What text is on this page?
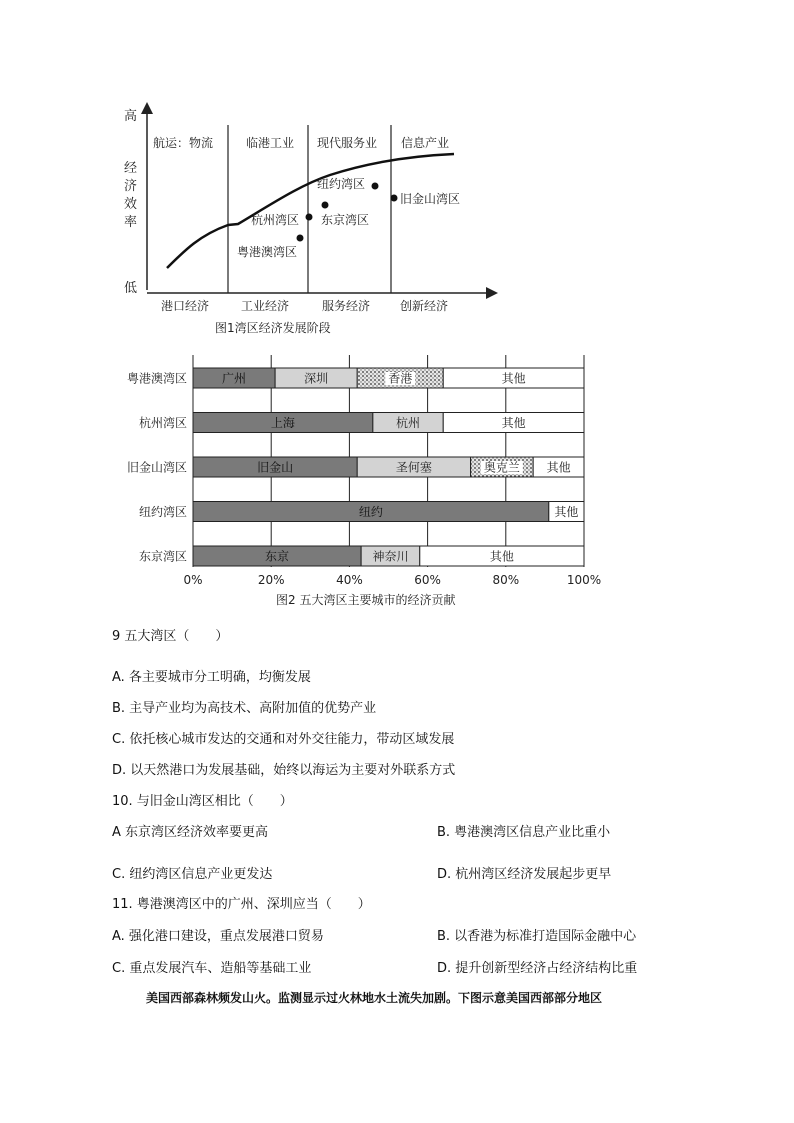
高
低
经
济
效
率
航运：物流	临港工业 现代服务业 信息产业
港口经济	工业经济	服务经济 创新经济
纽约湾区
旧金山湾区
杭州湾区 东京湾区
粤港澳湾区
图1湾区经济发展阶段
粤港澳湾区	广州	深圳	香港	其他
杭州湾区	上海	杭州	其他
旧金山湾区	旧金山	圣何塞	奥克兰 其他
纽约湾区	纽约	其他
东京湾区	东京	神奈川	其他
0%	20%	40%	60%	80%	100%
图2 五大湾区主要城市的经济贡献
9 五大湾区（　　）
A. 各主要城市分工明确，均衡发展
B. 主导产业均为高技术、高附加值的优势产业
C. 依托核心城市发达的交通和对外交往能力，带动区域发展
D. 以天然港口为发展基础，始终以海运为主要对外联系方式
10. 与旧金山湾区相比（　　）
A 东京湾区经济效率要更高	B. 粤港澳湾区信息产业比重小
C. 纽约湾区信息产业更发达	D. 杭州湾区经济发展起步更早
11. 粤港澳湾区中的广州、深圳应当（　　）
A. 强化港口建设，重点发展港口贸易	B. 以香港为标准打造国际金融中心
C. 重点发展汽车、造船等基础工业	D. 提升创新型经济占经济结构比重
美国西部森林频发山火。监测显示过火林地水土流失加剧。下图示意美国西部部分地区
